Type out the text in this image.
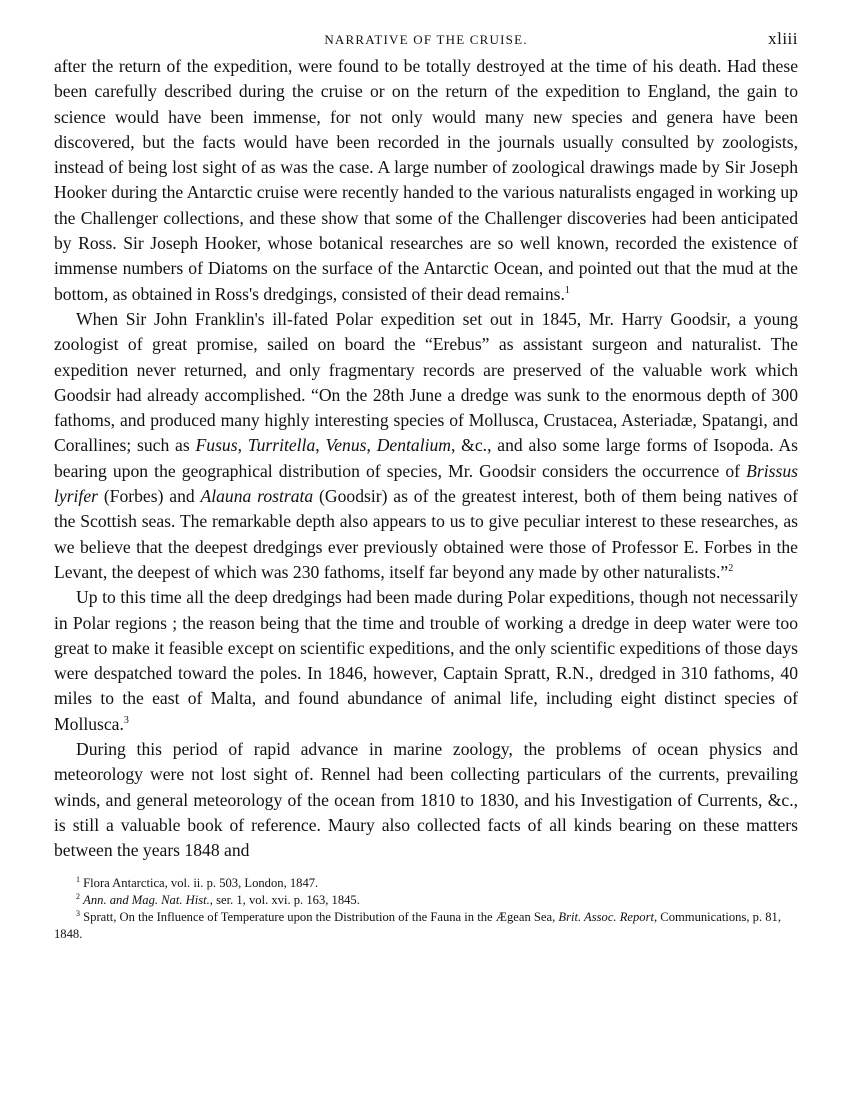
NARRATIVE OF THE CRUISE.	xliii

after the return of the expedition, were found to be totally destroyed at the time of his death. Had these been carefully described during the cruise or on the return of the expedition to England, the gain to science would have been immense, for not only would many new species and genera have been discovered, but the facts would have been recorded in the journals usually consulted by zoologists, instead of being lost sight of as was the case. A large number of zoological drawings made by Sir Joseph Hooker during the Antarctic cruise were recently handed to the various naturalists engaged in working up the Challenger collections, and these show that some of the Challenger discoveries had been anticipated by Ross. Sir Joseph Hooker, whose botanical researches are so well known, recorded the existence of immense numbers of Diatoms on the surface of the Antarctic Ocean, and pointed out that the mud at the bottom, as obtained in Ross's dredgings, consisted of their dead remains.$^1$

When Sir John Franklin's ill-fated Polar expedition set out in 1845, Mr. Harry Goodsir, a young zoologist of great promise, sailed on board the “Erebus” as assistant surgeon and naturalist. The expedition never returned, and only fragmentary records are preserved of the valuable work which Goodsir had already accomplished. “On the 28th June a dredge was sunk to the enormous depth of 300 fathoms, and produced many highly interesting species of Mollusca, Crustacea, Asteriadæ, Spatangi, and Corallines; such as Fusus, Turritella, Venus, Dentalium, &c., and also some large forms of Isopoda. As bearing upon the geographical distribution of species, Mr. Goodsir considers the occurrence of Brissus lyrifer (Forbes) and Alauna rostrata (Goodsir) as of the greatest interest, both of them being natives of the Scottish seas. The remarkable depth also appears to us to give peculiar interest to these researches, as we believe that the deepest dredgings ever previously obtained were those of Professor E. Forbes in the Levant, the deepest of which was 230 fathoms, itself far beyond any made by other naturalists.”$^2$

Up to this time all the deep dredgings had been made during Polar expeditions, though not necessarily in Polar regions ; the reason being that the time and trouble of working a dredge in deep water were too great to make it feasible except on scientific expeditions, and the only scientific expeditions of those days were despatched toward the poles. In 1846, however, Captain Spratt, R.N., dredged in 310 fathoms, 40 miles to the east of Malta, and found abundance of animal life, including eight distinct species of Mollusca.$^3$

During this period of rapid advance in marine zoology, the problems of ocean physics and meteorology were not lost sight of. Rennel had been collecting particulars of the currents, prevailing winds, and general meteorology of the ocean from 1810 to 1830, and his Investigation of Currents, &c., is still a valuable book of reference. Maury also collected facts of all kinds bearing on these matters between the years 1848 and

$^1$ Flora Antarctica, vol. ii. p. 503, London, 1847.

$^2$ Ann. and Mag. Nat. Hist., ser. 1, vol. xvi. p. 163, 1845.

$^3$ Spratt, On the Influence of Temperature upon the Distribution of the Fauna in the Ægean Sea, Brit. Assoc. Report, Communications, p. 81, 1848.
